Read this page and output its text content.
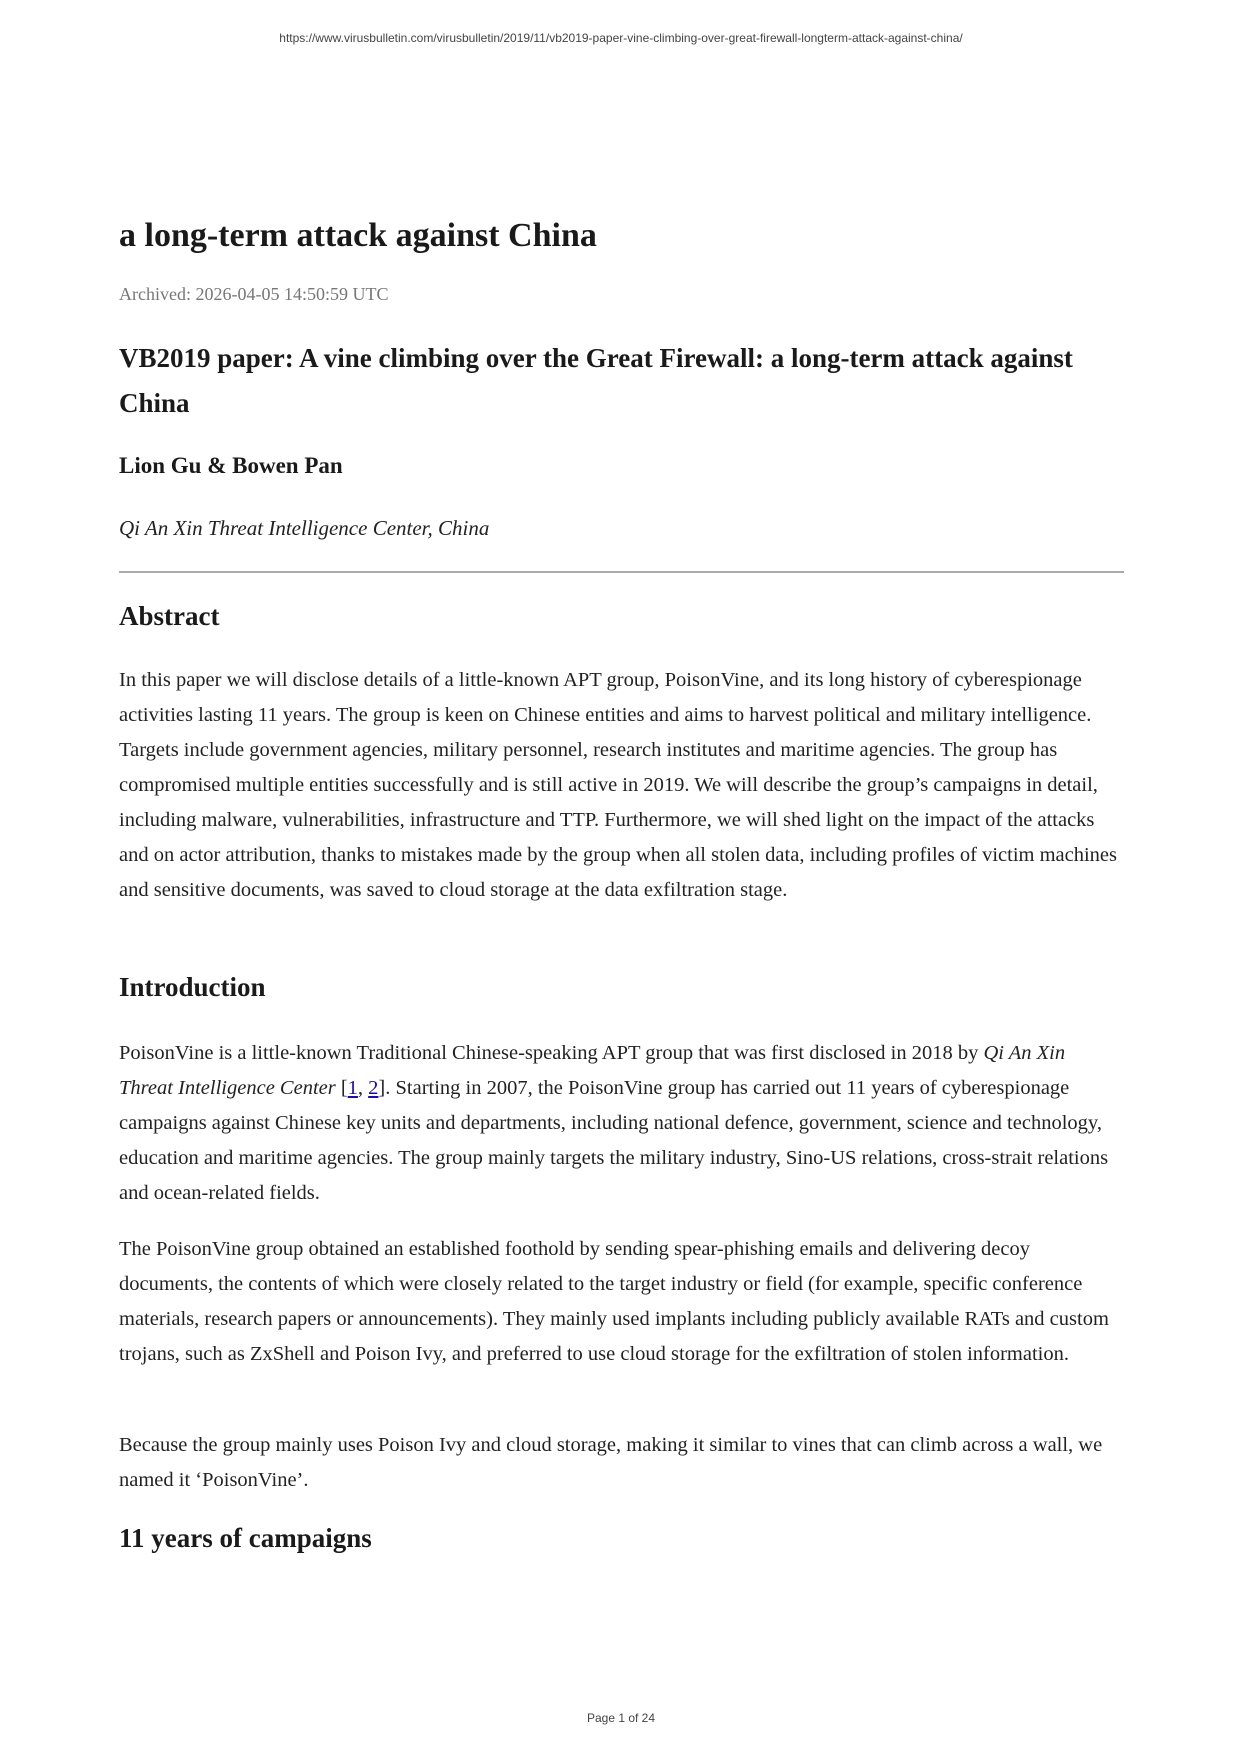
https://www.virusbulletin.com/virusbulletin/2019/11/vb2019-paper-vine-climbing-over-great-firewall-longterm-attack-against-china/
a long-term attack against China
Archived: 2026-04-05 14:50:59 UTC
VB2019 paper: A vine climbing over the Great Firewall: a long-term attack against China
Lion Gu & Bowen Pan
Qi An Xin Threat Intelligence Center, China
Abstract

In this paper we will disclose details of a little-known APT group, PoisonVine, and its long history of cyberespionage activities lasting 11 years. The group is keen on Chinese entities and aims to harvest political and military intelligence. Targets include government agencies, military personnel, research institutes and maritime agencies. The group has compromised multiple entities successfully and is still active in 2019. We will describe the group’s campaigns in detail, including malware, vulnerabilities, infrastructure and TTP. Furthermore, we will shed light on the impact of the attacks and on actor attribution, thanks to mistakes made by the group when all stolen data, including profiles of victim machines and sensitive documents, was saved to cloud storage at the data exfiltration stage.

Introduction

PoisonVine is a little-known Traditional Chinese-speaking APT group that was first disclosed in 2018 by Qi An Xin Threat Intelligence Center [1, 2]. Starting in 2007, the PoisonVine group has carried out 11 years of cyberespionage campaigns against Chinese key units and departments, including national defence, government, science and technology, education and maritime agencies. The group mainly targets the military industry, Sino-US relations, cross-strait relations and ocean-related fields.

The PoisonVine group obtained an established foothold by sending spear-phishing emails and delivering decoy documents, the contents of which were closely related to the target industry or field (for example, specific conference materials, research papers or announcements). They mainly used implants including publicly available RATs and custom trojans, such as ZxShell and Poison Ivy, and preferred to use cloud storage for the exfiltration of stolen information.

Because the group mainly uses Poison Ivy and cloud storage, making it similar to vines that can climb across a wall, we named it ‘PoisonVine’.

11 years of campaigns
Page 1 of 24
